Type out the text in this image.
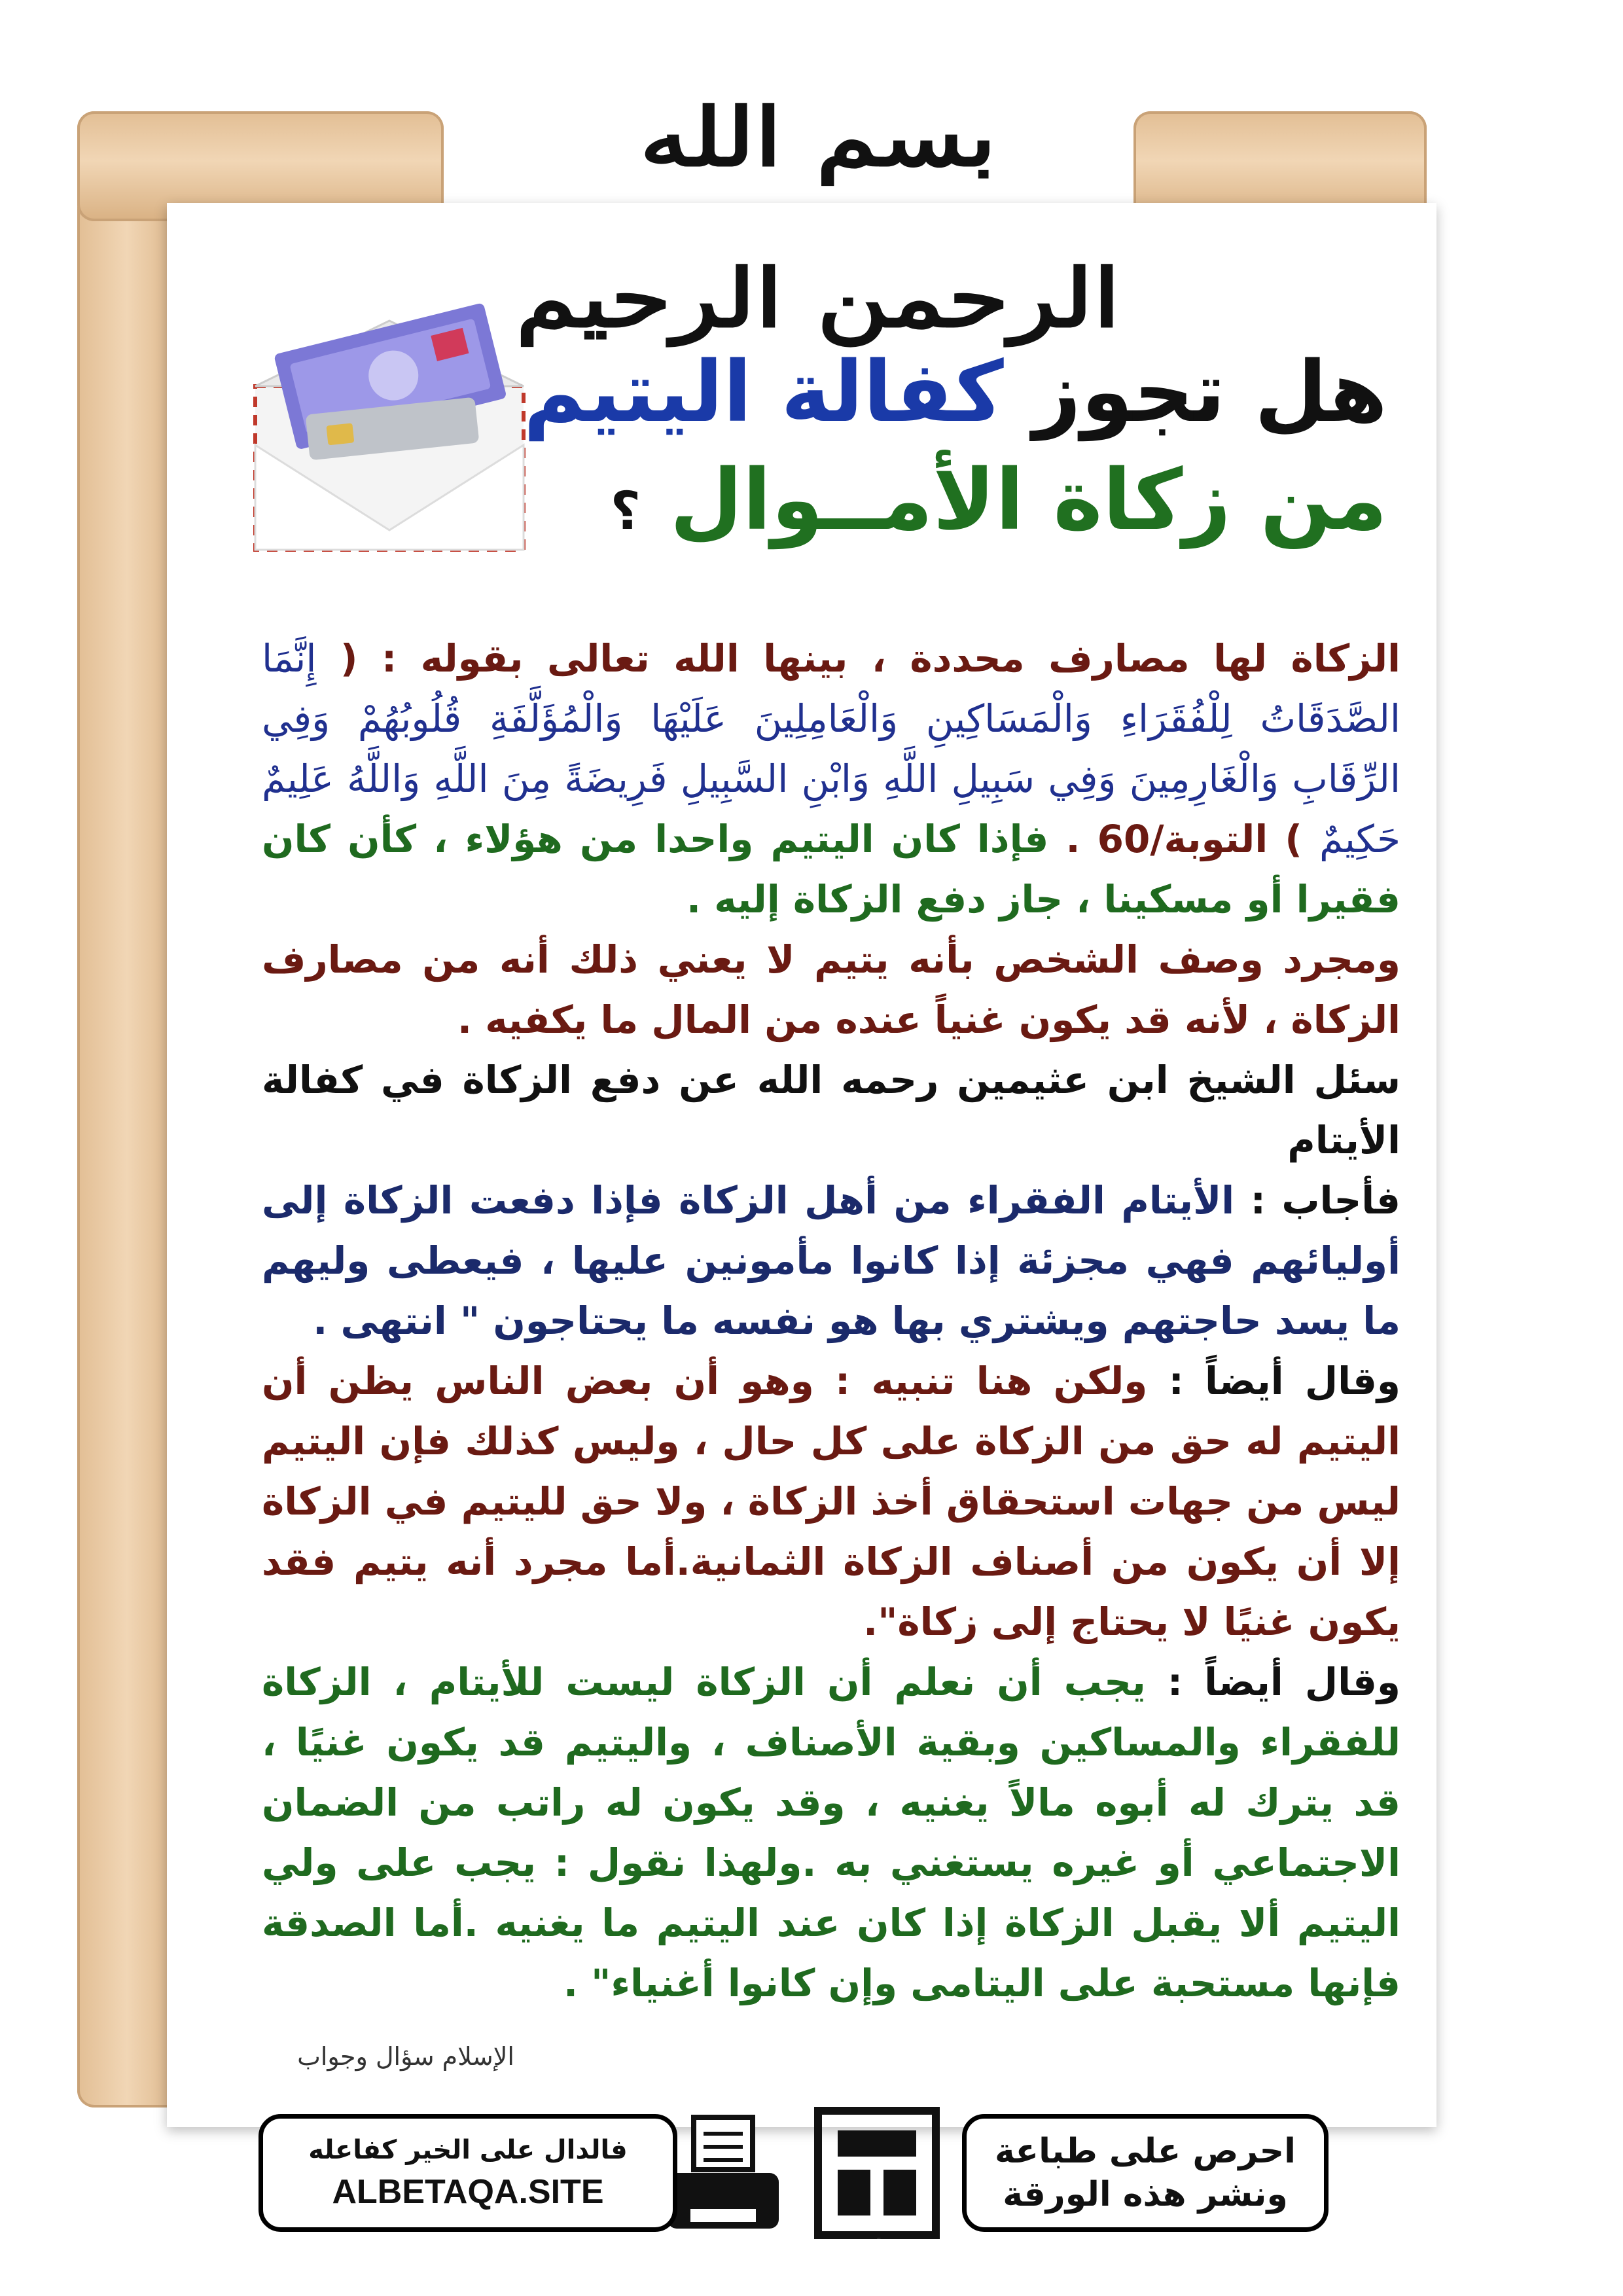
بسم الله الرحمن الرحيم
هل تجوز كفالة اليتيم
من زكاة الأمــوال ؟

الزكاة لها مصارف محددة ، بينها الله تعالى بقوله : ( إِنَّمَا الصَّدَقَاتُ لِلْفُقَرَاءِ وَالْمَسَاكِينِ وَالْعَامِلِينَ عَلَيْهَا وَالْمُؤَلَّفَةِ قُلُوبُهُمْ وَفِي الرِّقَابِ وَالْغَارِمِينَ وَفِي سَبِيلِ اللَّهِ وَابْنِ السَّبِيلِ فَرِيضَةً مِنَ اللَّهِ وَاللَّهُ عَلِيمٌ حَكِيمٌ ) التوبة/60 . فإذا كان اليتيم واحدا من هؤلاء ، كأن كان فقيرا أو مسكينا ، جاز دفع الزكاة إليه .

ومجرد وصف الشخص بأنه يتيم لا يعني ذلك أنه من مصارف الزكاة ، لأنه قد يكون غنياً عنده من المال ما يكفيه .

سئل الشيخ ابن عثيمين رحمه الله عن دفع الزكاة في كفالة الأيتام

فأجاب : الأيتام الفقراء من أهل الزكاة فإذا دفعت الزكاة إلى أوليائهم فهي مجزئة إذا كانوا مأمونين عليها ، فيعطى وليهم ما يسد حاجتهم ويشتري بها هو نفسه ما يحتاجون " انتهى .

وقال أيضاً : ولكن هنا تنبيه : وهو أن بعض الناس يظن أن اليتيم له حق من الزكاة على كل حال ، وليس كذلك فإن اليتيم ليس من جهات استحقاق أخذ الزكاة ، ولا حق لليتيم في الزكاة إلا أن يكون من أصناف الزكاة الثمانية.أما مجرد أنه يتيم فقد يكون غنيًا لا يحتاج إلى زكاة".

وقال أيضاً : يجب أن نعلم أن الزكاة ليست للأيتام ، الزكاة للفقراء والمساكين وبقية الأصناف ، واليتيم قد يكون غنيًا ، قد يترك له أبوه مالاً يغنيه ، وقد يكون له راتب من الضمان الاجتماعي أو غيره يستغني به .ولهذا نقول : يجب على ولي اليتيم ألا يقبل الزكاة إذا كان عند اليتيم ما يغنيه .أما الصدقة فإنها مستحبة على اليتامى وإن كانوا أغنياء" .

الإسلام سؤال وجواب
احرص على طباعة
ونشر هذه الورقة
دعوتنا الورقة
فالدال على الخير كفاعله
ALBETAQA.SITE
